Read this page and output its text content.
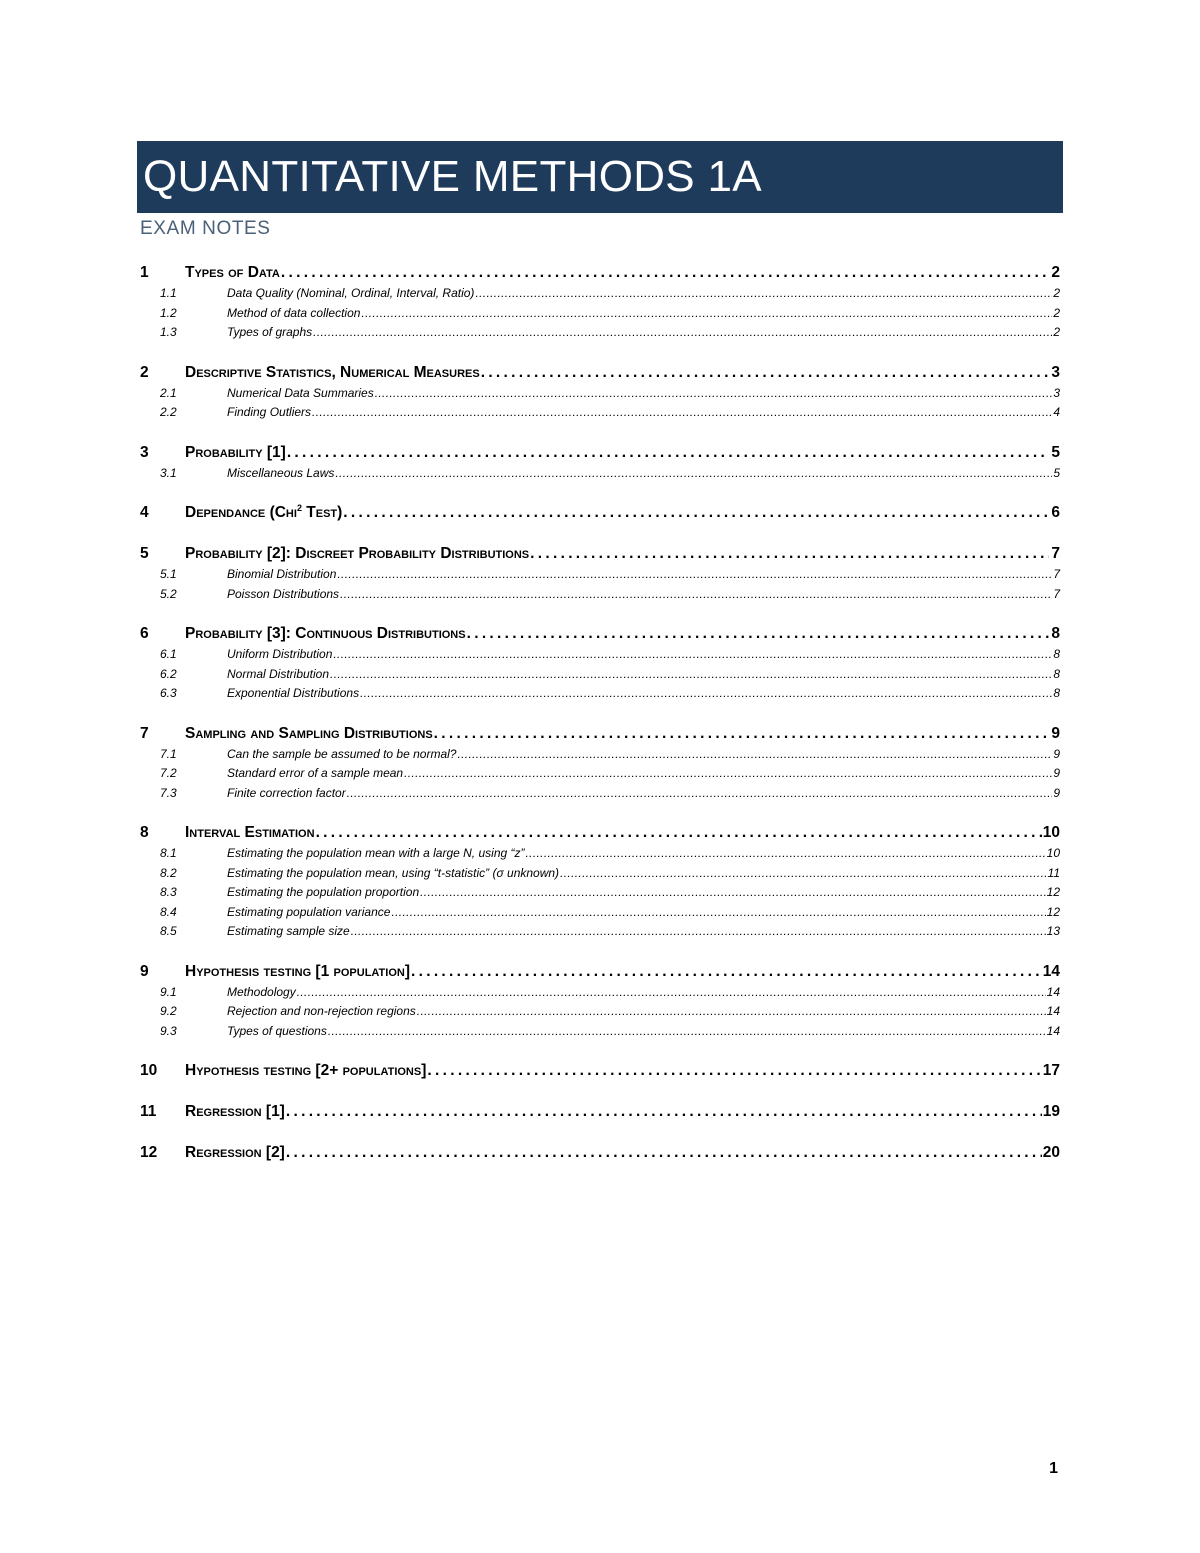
QUANTITATIVE METHODS 1A
EXAM NOTES
1	Types of Data . . .	2
1.1	Data Quality (Nominal, Ordinal, Interval, Ratio) . . .	2
1.2	Method of data collection . . .	2
1.3	Types of graphs . . .	2
2	Descriptive Statistics, Numerical Measures . . .	3
2.1	Numerical Data Summaries . . .	3
2.2	Finding Outliers . . .	4
3	Probability [1] . . .	5
3.1	Miscellaneous Laws . . .	5
4	Dependance (Chi$^2$ Test) . . .	6
5	Probability [2]: Discreet Probability Distributions . . .	7
5.1	Binomial Distribution . . .	7
5.2	Poisson Distributions . . .	7
6	Probability [3]: Continuous Distributions . . .	8
6.1	Uniform Distribution . . .	8
6.2	Normal Distribution . . .	8
6.3	Exponential Distributions . . .	8
7	Sampling and Sampling Distributions . . .	9
7.1	Can the sample be assumed to be normal? . . .	9
7.2	Standard error of a sample mean . . .	9
7.3	Finite correction factor . . .	9
8	Interval Estimation . . .	10
8.1	Estimating the population mean with a large N, using “z” . . .	10
8.2	Estimating the population mean, using “t-statistic” (σ unknown) . . .	11
8.3	Estimating the population proportion . . .	12
8.4	Estimating population variance . . .	12
8.5	Estimating sample size . . .	13
9	Hypothesis testing [1 population] . . .	14
9.1	Methodology . . .	14
9.2	Rejection and non-rejection regions . . .	14
9.3	Types of questions . . .	14
10	Hypothesis testing [2+ populations] . . .	17
11	Regression [1] . . .	19
12	Regression [2] . . .	20

1
